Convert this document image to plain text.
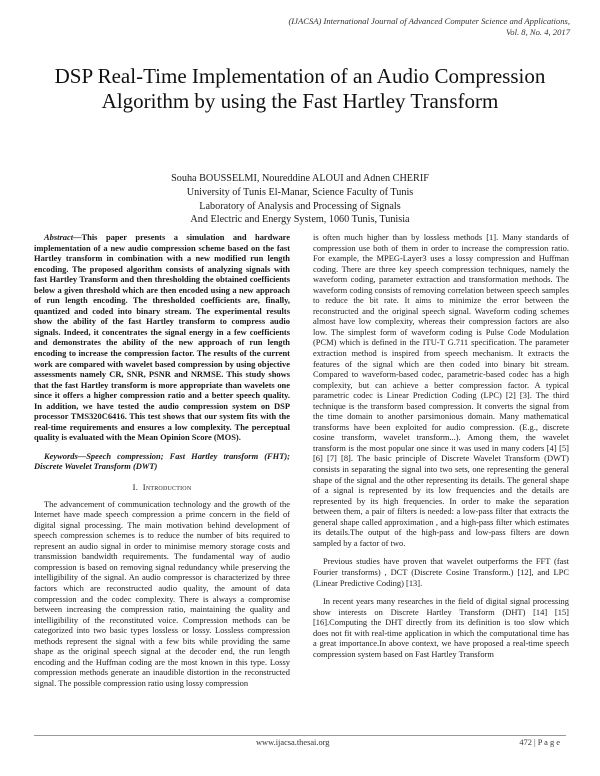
(IJACSA) International Journal of Advanced Computer Science and Applications,
Vol. 8, No. 4, 2017
DSP Real-Time Implementation of an Audio Compression Algorithm by using the Fast Hartley Transform
Souha BOUSSELMI, Noureddine ALOUI and Adnen CHERIF
University of Tunis El-Manar, Science Faculty of Tunis
Laboratory of Analysis and Processing of Signals
And Electric and Energy System, 1060 Tunis, Tunisia

Abstract—This paper presents a simulation and hardware implementation of a new audio compression scheme based on the fast Hartley transform in combination with a new modified run length encoding. The proposed algorithm consists of analyzing signals with fast Hartley Transform and then thresholding the obtained coefficients below a given threshold which are then encoded using a new approach of run length encoding. The thresholded coefficients are, finally, quantized and coded into binary stream. The experimental results show the ability of the fast Hartley transform to compress audio signals. Indeed, it concentrates the signal energy in a few coefficients and demonstrates the ability of the new approach of run length encoding to increase the compression factor. The results of the current work are compared with wavelet based compression by using objective assessments namely CR, SNR, PSNR and NRMSE. This study shows that the fast Hartley transform is more appropriate than wavelets one since it offers a higher compression ratio and a better speech quality. In addition, we have tested the audio compression system on DSP processor TMS320C6416. This test shows that our system fits with the real-time requirements and ensures a low complexity. The perceptual quality is evaluated with the Mean Opinion Score (MOS).

Keywords—Speech compression; Fast Hartley transform (FHT); Discrete Wavelet Transform (DWT)

I. Introduction

The advancement of communication technology and the growth of the Internet have made speech compression a prime concern in the field of digital signal processing. The main motivation behind development of speech compression schemes is to reduce the number of bits required to represent an audio signal in order to minimise memory storage costs and transmission bandwidth requirements. The fundamental way of audio compression is based on removing signal redundancy while preserving the intelligibility of the signal. An audio compressor is characterized by three factors which are reconstructed audio quality, the amount of data compression and the codec complexity. There is always a compromise between increasing the compression ratio, maintaining the quality and intelligibility of the reconstituted voice. Compression methods can be categorized into two basic types lossless or lossy. Lossless compression methods represent the signal with a few bits while providing the same shape as the original speech signal at the decoder end, the run length encoding and the Huffman coding are the most known in this type. Lossy compression methods generate an inaudible distortion in the reconstructed signal. The possible compression ratio using lossy compression

is often much higher than by lossless methods [1]. Many standards of compression use both of them in order to increase the compression ratio. For example, the MPEG-Layer3 uses a lossy compression and Huffman coding. There are three key speech compression techniques, namely the waveform coding, parameter extraction and transformation methods. The waveform coding consists of removing correlation between speech samples to reduce the bit rate. It aims to minimize the error between the reconstructed and the original speech signal. Waveform coding schemes almost have low complexity, whereas their compression factors are also low. The simplest form of waveform coding is Pulse Code Modulation (PCM) which is defined in the ITU-T G.711 specification. The parameter extraction method is inspired from speech mechanism. It extracts the features of the signal which are then coded into binary bit stream. Compared to waveform-based codec, parametric-based codec has a high complexity, but can achieve a better compression factor. A typical parametric codec is Linear Prediction Coding (LPC) [2] [3]. The third technique is the transform based compression. It converts the signal from the time domain to another parsimonious domain. Many mathematical transforms have been exploited for audio compression. (E.g., discrete cosine transform, wavelet transform...). Among them, the wavelet transform is the most popular one since it was used in many coders [4] [5] [6] [7] [8]. The basic principle of Discrete Wavelet Transform (DWT) consists in separating the signal into two sets, one representing the general shape of the signal and the other representing its details. The general shape of a signal is represented by its low frequencies and the details are represented by its high frequencies. In order to make the separation between them, a pair of filters is needed: a low-pass filter that extracts the general shape called approximation , and a high-pass filter which estimates its details.The output of the high-pass and low-pass filters are down sampled by a factor of two.

Previous studies have proven that wavelet outperforms the FFT (fast Fourier transforms) , DCT (Discrete Cosine Transform.) [12], and LPC (Linear Predictive Coding) [13].

In recent years many researches in the field of digital signal processing show interests on Discrete Hartley Transform (DHT) [14] [15][16].Computing the DHT directly from its definition is too slow which does not fit with real-time application in which the computational time has a great importance.In above context, we have proposed a real-time speech compression system based on Fast Hartley Transform

www.ijacsa.thesai.org	472 | P a g e
